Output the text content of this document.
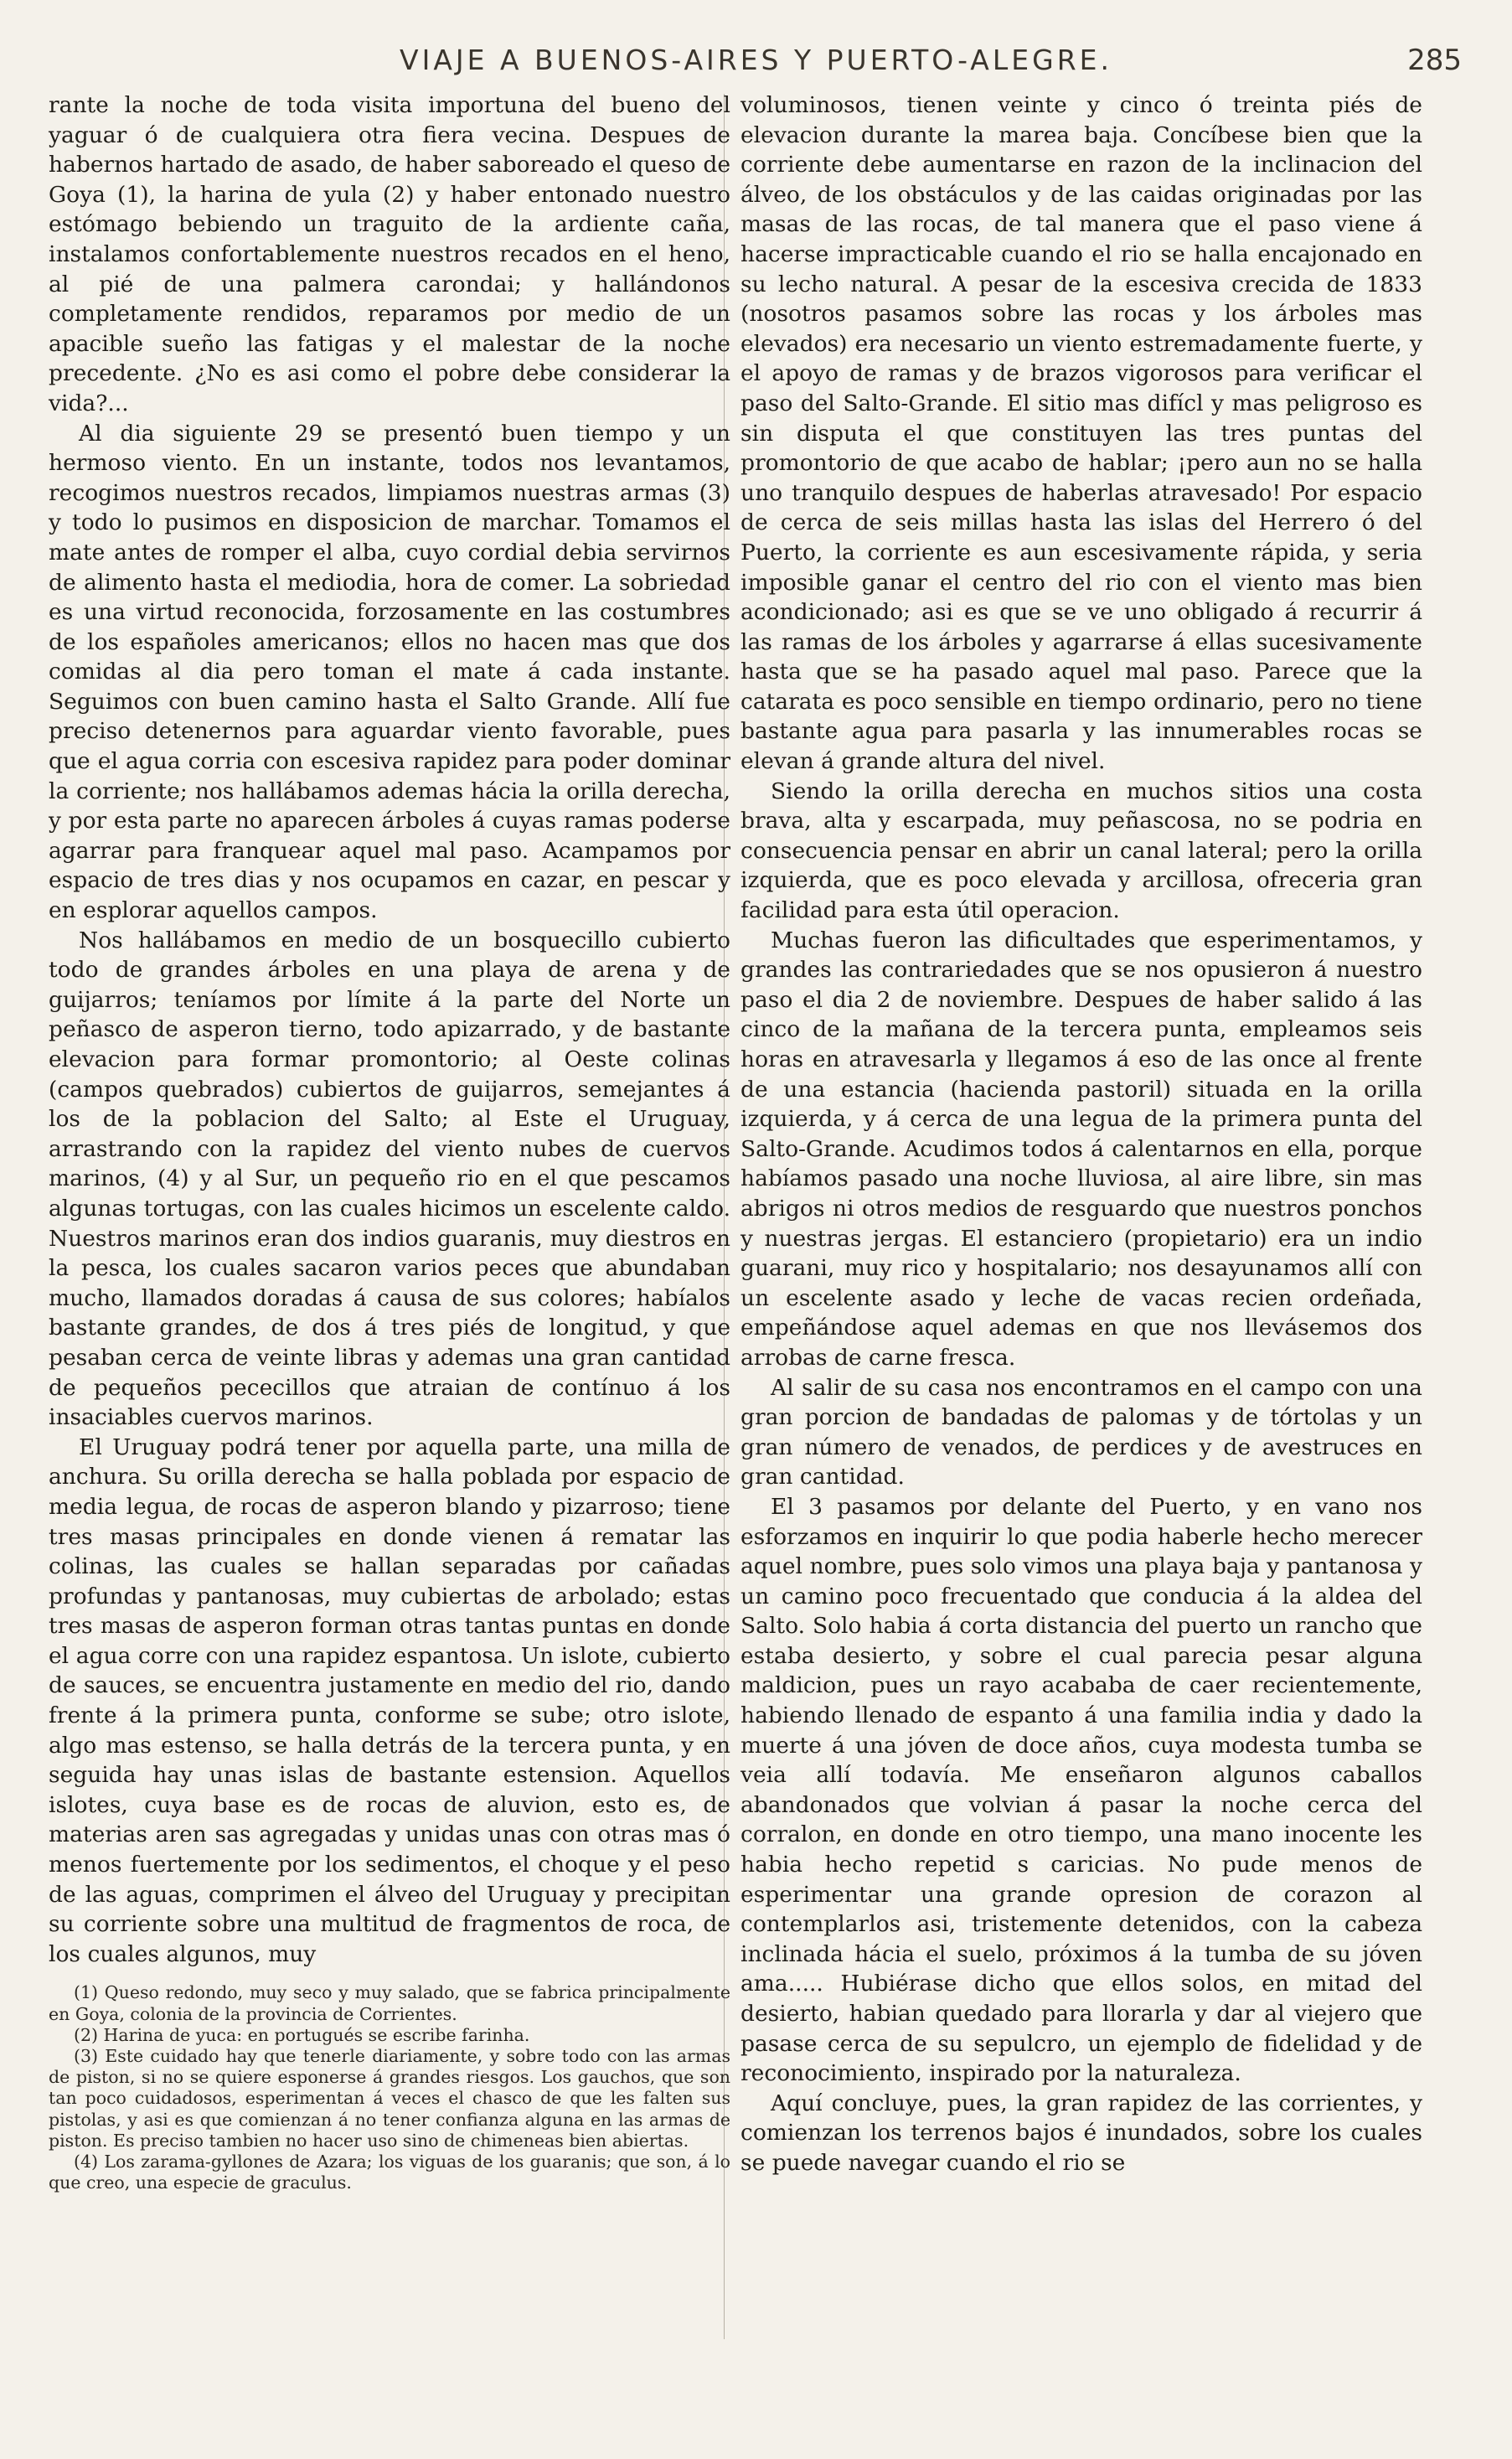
VIAJE A BUENOS-AIRES Y PUERTO-ALEGRE.	285

rante la noche de toda visita importuna del bueno del yaguar ó de cualquiera otra fiera vecina. Despues de habernos hartado de asado, de haber saboreado el queso de Goya (1), la harina de yula (2) y haber entonado nuestro estómago bebiendo un traguito de la ardiente caña, instalamos confortablemente nuestros recados en el heno, al pié de una palmera carondai; y hallándonos completamente rendidos, reparamos por medio de un apacible sueño las fatigas y el malestar de la noche precedente. ¿No es asi como el pobre debe considerar la vida?...

Al dia siguiente 29 se presentó buen tiempo y un hermoso viento. En un instante, todos nos levantamos, recogimos nuestros recados, limpiamos nuestras armas (3) y todo lo pusimos en disposicion de marchar. Tomamos el mate antes de romper el alba, cuyo cordial debia servirnos de alimento hasta el mediodia, hora de comer. La sobriedad es una virtud reconocida, forzosamente en las costumbres de los españoles americanos; ellos no hacen mas que dos comidas al dia pero toman el mate á cada instante. Seguimos con buen camino hasta el Salto Grande. Allí fue preciso detenernos para aguardar viento favorable, pues que el agua corria con escesiva rapidez para poder dominar la corriente; nos hallábamos ademas hácia la orilla derecha, y por esta parte no aparecen árboles á cuyas ramas poderse agarrar para franquear aquel mal paso. Acampamos por espacio de tres dias y nos ocupamos en cazar, en pescar y en esplorar aquellos campos.

Nos hallábamos en medio de un bosquecillo cubierto todo de grandes árboles en una playa de arena y de guijarros; teníamos por límite á la parte del Norte un peñasco de asperon tierno, todo apizarrado, y de bastante elevacion para formar promontorio; al Oeste colinas (campos quebrados) cubiertos de guijarros, semejantes á los de la poblacion del Salto; al Este el Uruguay, arrastrando con la rapidez del viento nubes de cuervos marinos, (4) y al Sur, un pequeño rio en el que pescamos algunas tortugas, con las cuales hicimos un escelente caldo. Nuestros marinos eran dos indios guaranis, muy diestros en la pesca, los cuales sacaron varios peces que abundaban mucho, llamados doradas á causa de sus colores; habíalos bastante grandes, de dos á tres piés de longitud, y que pesaban cerca de veinte libras y ademas una gran cantidad de pequeños pececillos que atraian de contínuo á los insaciables cuervos marinos.

El Uruguay podrá tener por aquella parte, una milla de anchura. Su orilla derecha se halla poblada por espacio de media legua, de rocas de asperon blando y pizarroso; tiene tres masas principales en donde vienen á rematar las colinas, las cuales se hallan separadas por cañadas profundas y pantanosas, muy cubiertas de arbolado; estas tres masas de asperon forman otras tantas puntas en donde el agua corre con una rapidez espantosa. Un islote, cubierto de sauces, se encuentra justamente en medio del rio, dando frente á la primera punta, conforme se sube; otro islote, algo mas estenso, se halla detrás de la tercera punta, y en seguida hay unas islas de bastante estension. Aquellos islotes, cuya base es de rocas de aluvion, esto es, de materias aren sas agregadas y unidas unas con otras mas ó menos fuertemente por los sedimentos, el choque y el peso de las aguas, comprimen el álveo del Uruguay y precipitan su corriente sobre una multitud de fragmentos de roca, de los cuales algunos, muy

(1) Queso redondo, muy seco y muy salado, que se fabrica principalmente en Goya, colonia de la provincia de Corrientes.

(2) Harina de yuca: en portugués se escribe farinha.

(3) Este cuidado hay que tenerle diariamente, y sobre todo con las armas de piston, si no se quiere esponerse á grandes riesgos. Los gauchos, que son tan poco cuidadosos, esperimentan á veces el chasco de que les falten sus pistolas, y asi es que comienzan á no tener confianza alguna en las armas de piston. Es preciso tambien no hacer uso sino de chimeneas bien abiertas.

(4) Los zarama-gyllones de Azara; los viguas de los guaranis; que son, á lo que creo, una especie de graculus.

voluminosos, tienen veinte y cinco ó treinta piés de elevacion durante la marea baja. Concíbese bien que la corriente debe aumentarse en razon de la inclinacion del álveo, de los obstáculos y de las caidas originadas por las masas de las rocas, de tal manera que el paso viene á hacerse impracticable cuando el rio se halla encajonado en su lecho natural. A pesar de la escesiva crecida de 1833 (nosotros pasamos sobre las rocas y los árboles mas elevados) era necesario un viento estremadamente fuerte, y el apoyo de ramas y de brazos vigorosos para verificar el paso del Salto-Grande. El sitio mas difícl y mas peligroso es sin disputa el que constituyen las tres puntas del promontorio de que acabo de hablar; ¡pero aun no se halla uno tranquilo despues de haberlas atravesado! Por espacio de cerca de seis millas hasta las islas del Herrero ó del Puerto, la corriente es aun escesivamente rápida, y seria imposible ganar el centro del rio con el viento mas bien acondicionado; asi es que se ve uno obligado á recurrir á las ramas de los árboles y agarrarse á ellas sucesivamente hasta que se ha pasado aquel mal paso. Parece que la catarata es poco sensible en tiempo ordinario, pero no tiene bastante agua para pasarla y las innumerables rocas se elevan á grande altura del nivel.

Siendo la orilla derecha en muchos sitios una costa brava, alta y escarpada, muy peñascosa, no se podria en consecuencia pensar en abrir un canal lateral; pero la orilla izquierda, que es poco elevada y arcillosa, ofreceria gran facilidad para esta útil operacion.

Muchas fueron las dificultades que esperimentamos, y grandes las contrariedades que se nos opusieron á nuestro paso el dia 2 de noviembre. Despues de haber salido á las cinco de la mañana de la tercera punta, empleamos seis horas en atravesarla y llegamos á eso de las once al frente de una estancia (hacienda pastoril) situada en la orilla izquierda, y á cerca de una legua de la primera punta del Salto-Grande. Acudimos todos á calentarnos en ella, porque habíamos pasado una noche lluviosa, al aire libre, sin mas abrigos ni otros medios de resguardo que nuestros ponchos y nuestras jergas. El estanciero (propietario) era un indio guarani, muy rico y hospitalario; nos desayunamos allí con un escelente asado y leche de vacas recien ordeñada, empeñándose aquel ademas en que nos llevásemos dos arrobas de carne fresca.

Al salir de su casa nos encontramos en el campo con una gran porcion de bandadas de palomas y de tórtolas y un gran número de venados, de perdices y de avestruces en gran cantidad.

El 3 pasamos por delante del Puerto, y en vano nos esforzamos en inquirir lo que podia haberle hecho merecer aquel nombre, pues solo vimos una playa baja y pantanosa y un camino poco frecuentado que conducia á la aldea del Salto. Solo habia á corta distancia del puerto un rancho que estaba desierto, y sobre el cual parecia pesar alguna maldicion, pues un rayo acababa de caer recientemente, habiendo llenado de espanto á una familia india y dado la muerte á una jóven de doce años, cuya modesta tumba se veia allí todavía. Me enseñaron algunos caballos abandonados que volvian á pasar la noche cerca del corralon, en donde en otro tiempo, una mano inocente les habia hecho repetid s caricias. No pude menos de esperimentar una grande opresion de corazon al contemplarlos asi, tristemente detenidos, con la cabeza inclinada hácia el suelo, próximos á la tumba de su jóven ama..... Hubiérase dicho que ellos solos, en mitad del desierto, habian quedado para llorarla y dar al viejero que pasase cerca de su sepulcro, un ejemplo de fidelidad y de reconocimiento, inspirado por la naturaleza.

Aquí concluye, pues, la gran rapidez de las corrientes, y comienzan los terrenos bajos é inundados, sobre los cuales se puede navegar cuando el rio se
